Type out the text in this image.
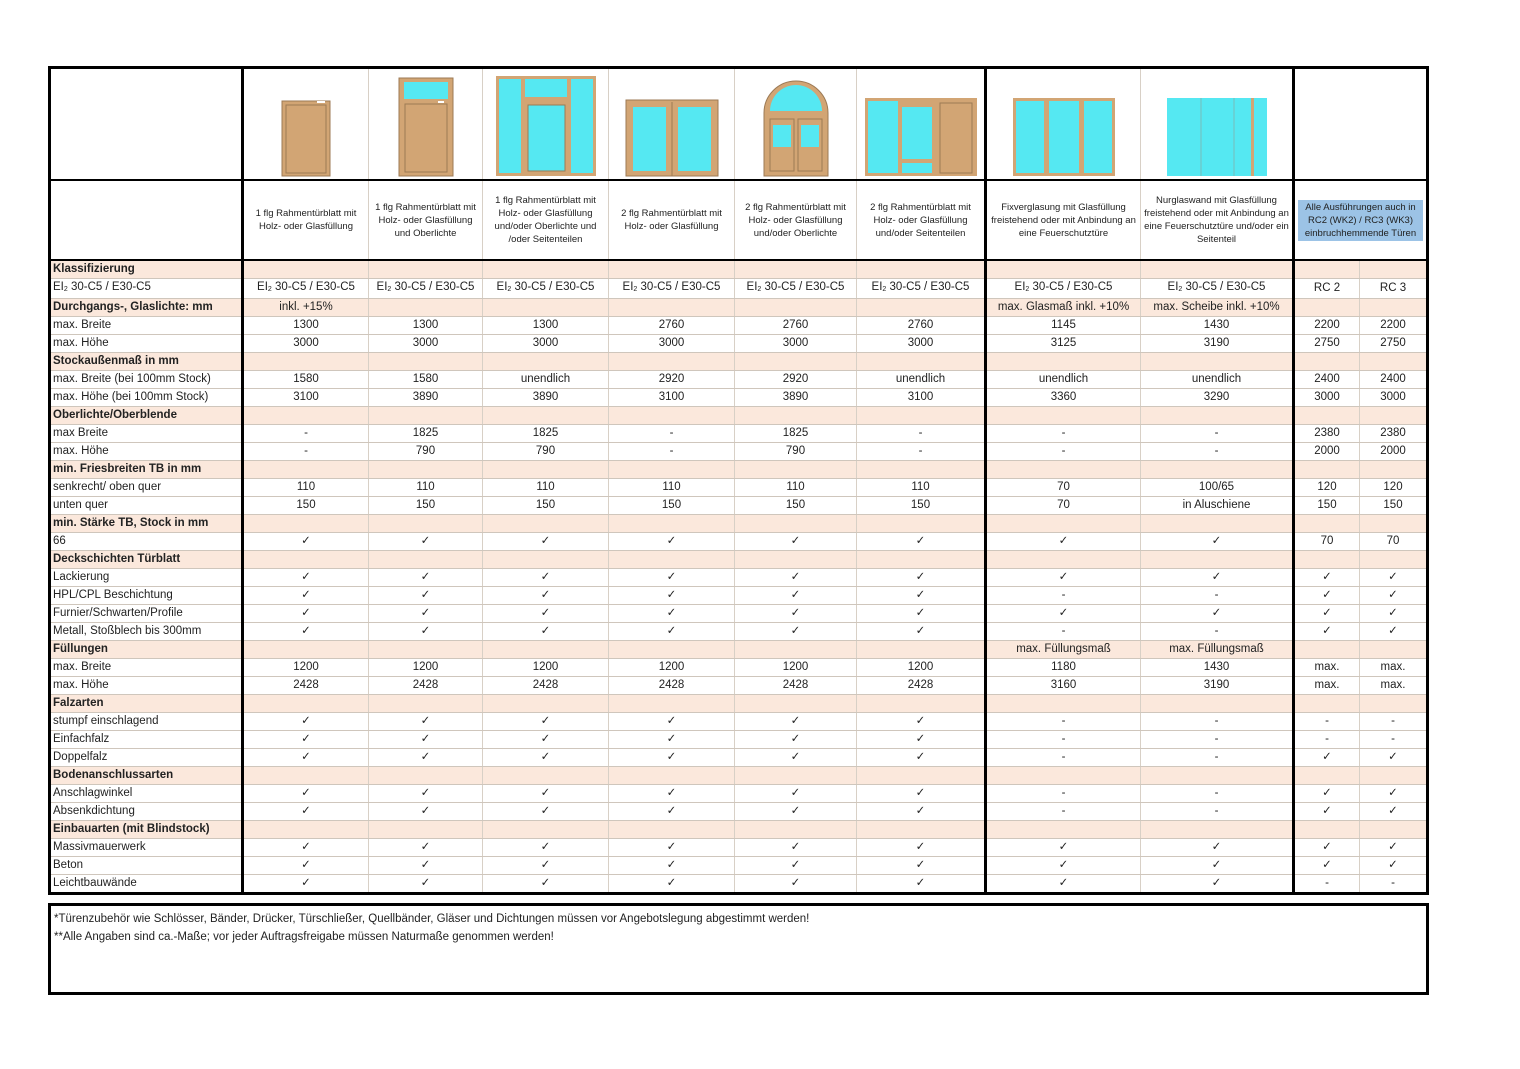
	1 flg Rahmentürblatt mit Holz- oder Glasfüllung	1 flg Rahmentürblatt mit Holz- oder Glasfüllung und Oberlichte	1 flg Rahmentürblatt mit Holz- oder Glasfüllung und/oder Oberlichte und /oder Seitenteilen	2 flg Rahmentürblatt mit Holz- oder Glasfüllung	2 flg Rahmentürblatt mit Holz- oder Glasfüllung und/oder Oberlichte	2 flg Rahmentürblatt mit Holz- oder Glasfüllung und/oder Seitenteilen	Fixverglasung mit Glasfüllung freistehend oder mit Anbindung an eine Feuerschutztüre	Nurglaswand mit Glasfüllung freistehend oder mit Anbindung an eine Feuerschutztüre und/oder ein Seitenteil	Alle Ausführungen auch in RC2 (WK2) / RC3 (WK3) einbruchhemmende Türen	
Klassifizierung										
$EI_2$ 30-C5 / E30-C5	$EI_2$ 30-C5 / E30-C5	$EI_2$ 30-C5 / E30-C5	$EI_2$ 30-C5 / E30-C5	$EI_2$ 30-C5 / E30-C5	$EI_2$ 30-C5 / E30-C5	$EI_2$ 30-C5 / E30-C5	$EI_2$ 30-C5 / E30-C5	$EI_2$ 30-C5 / E30-C5	RC 2	RC 3
Durchgangs-, Glaslichte: mm	inkl. +15%						max. Glasmaß inkl. +10%	max. Scheibe inkl. +10%		
max. Breite	1300	1300	1300	2760	2760	2760	1145	1430	2200	2200
max. Höhe	3000	3000	3000	3000	3000	3000	3125	3190	2750	2750
Stockaußenmaß in mm										
max. Breite (bei 100mm Stock)	1580	1580	unendlich	2920	2920	unendlich	unendlich	unendlich	2400	2400
max. Höhe (bei 100mm Stock)	3100	3890	3890	3100	3890	3100	3360	3290	3000	3000
Oberlichte/Oberblende										
max Breite	-	1825	1825	-	1825	-	-	-	2380	2380
max. Höhe	-	790	790	-	790	-	-	-	2000	2000
min. Friesbreiten TB in mm										
senkrecht/ oben quer	110	110	110	110	110	110	70	100/65	120	120
unten quer	150	150	150	150	150	150	70	in Aluschiene	150	150
min. Stärke TB, Stock in mm										
66	✓	✓	✓	✓	✓	✓	✓	✓	70	70
Deckschichten Türblatt										
Lackierung	✓	✓	✓	✓	✓	✓	✓	✓	✓	✓
HPL/CPL Beschichtung	✓	✓	✓	✓	✓	✓	-	-	✓	✓
Furnier/Schwarten/Profile	✓	✓	✓	✓	✓	✓	✓	✓	✓	✓
Metall, Stoßblech bis 300mm	✓	✓	✓	✓	✓	✓	-	-	✓	✓
Füllungen							max. Füllungsmaß	max. Füllungsmaß		
max. Breite	1200	1200	1200	1200	1200	1200	1180	1430	max.	max.
max. Höhe	2428	2428	2428	2428	2428	2428	3160	3190	max.	max.
Falzarten										
stumpf einschlagend	✓	✓	✓	✓	✓	✓	-	-	-	-
Einfachfalz	✓	✓	✓	✓	✓	✓	-	-	-	-
Doppelfalz	✓	✓	✓	✓	✓	✓	-	-	✓	✓
Bodenanschlussarten										
Anschlagwinkel	✓	✓	✓	✓	✓	✓	-	-	✓	✓
Absenkdichtung	✓	✓	✓	✓	✓	✓	-	-	✓	✓
Einbauarten (mit Blindstock)										
Massivmauerwerk	✓	✓	✓	✓	✓	✓	✓	✓	✓	✓
Beton	✓	✓	✓	✓	✓	✓	✓	✓	✓	✓
Leichtbauwände	✓	✓	✓	✓	✓	✓	✓	✓	-	-
*Türenzubehör wie Schlösser, Bänder, Drücker, Türschließer, Quellbänder, Gläser und Dichtungen müssen vor Angebotslegung abgestimmt werden!
**Alle Angaben sind ca.-Maße; vor jeder Auftragsfreigabe müssen Naturmaße genommen werden!
